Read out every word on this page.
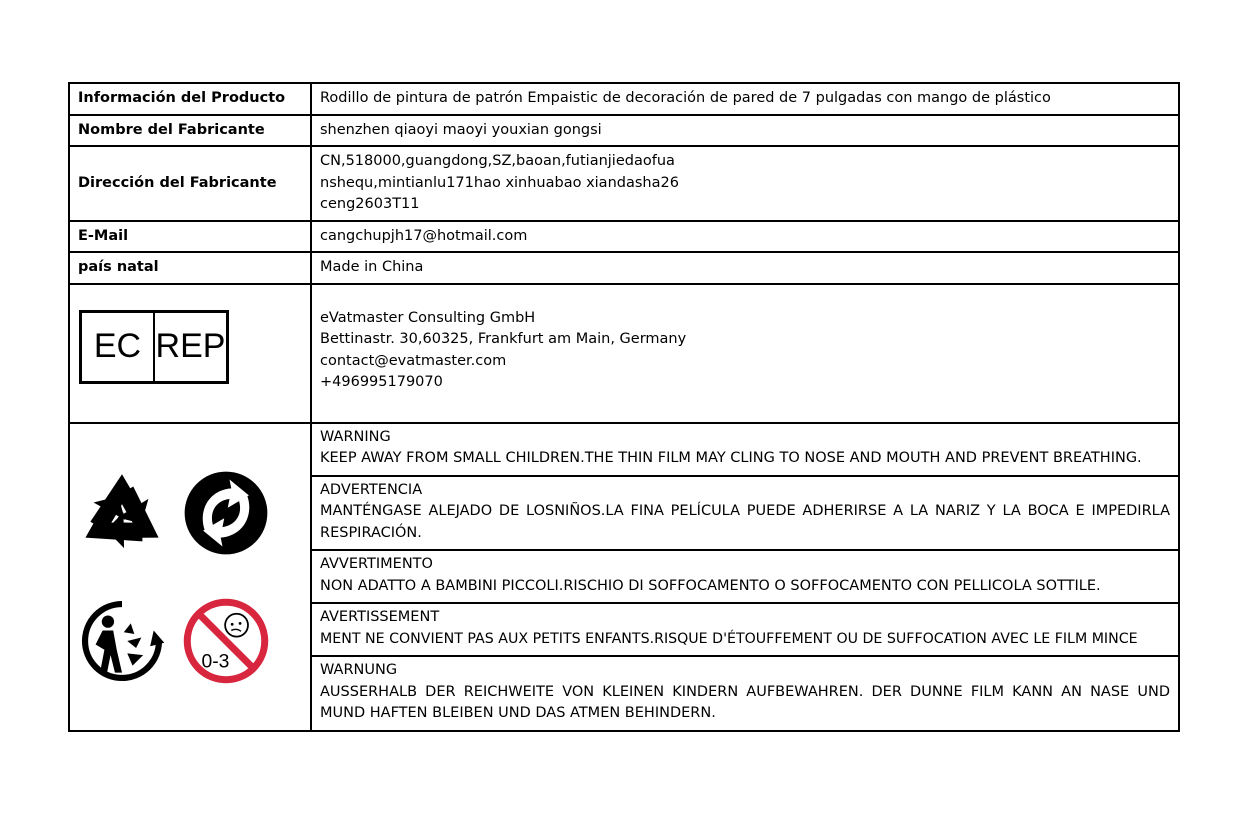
Información del Producto	Rodillo de pintura de patrón Empaistic de decoración de pared de 7 pulgadas con mango de plástico
Nombre del Fabricante	shenzhen qiaoyi maoyi youxian gongsi
Dirección del Fabricante	CN,518000,guangdong,SZ,baoan,futianjiedaofua
nshequ,mintianlu171hao xinhuabao xiandasha26
ceng2603T11

E-Mail	cangchupjh17@hotmail.com
país natal	Made in China

EC REP	eVatmaster Consulting GmbH
Bettinastr. 30,60325, Frankfurt am Main, Germany
contact@evatmaster.com
+496995179070

0-3	WARNING
KEEP AWAY FROM SMALL CHILDREN.THE THIN FILM MAY CLING TO NOSE AND MOUTH AND PREVENT BREATHING.

	ADVERTENCIA
MANTÉNGASE ALEJADO DE LOSNIÑOS.LA FINA PELÍCULA PUEDE ADHERIRSE A LA NARIZ Y LA BOCA E IMPEDIRLA RESPIRACIÓN.

	AVVERTIMENTO
NON ADATTO A BAMBINI PICCOLI.RISCHIO DI SOFFOCAMENTO O SOFFOCAMENTO CON PELLICOLA SOTTILE.

	AVERTISSEMENT
MENT NE CONVIENT PAS AUX PETITS ENFANTS.RISQUE D'ÉTOUFFEMENT OU DE SUFFOCATION AVEC LE FILM MINCE

	WARNUNG
AUSSERHALB DER REICHWEITE VON KLEINEN KINDERN AUFBEWAHREN. DER DUNNE FILM KANN AN NASE UND MUND HAFTEN BLEIBEN UND DAS ATMEN BEHINDERN.
